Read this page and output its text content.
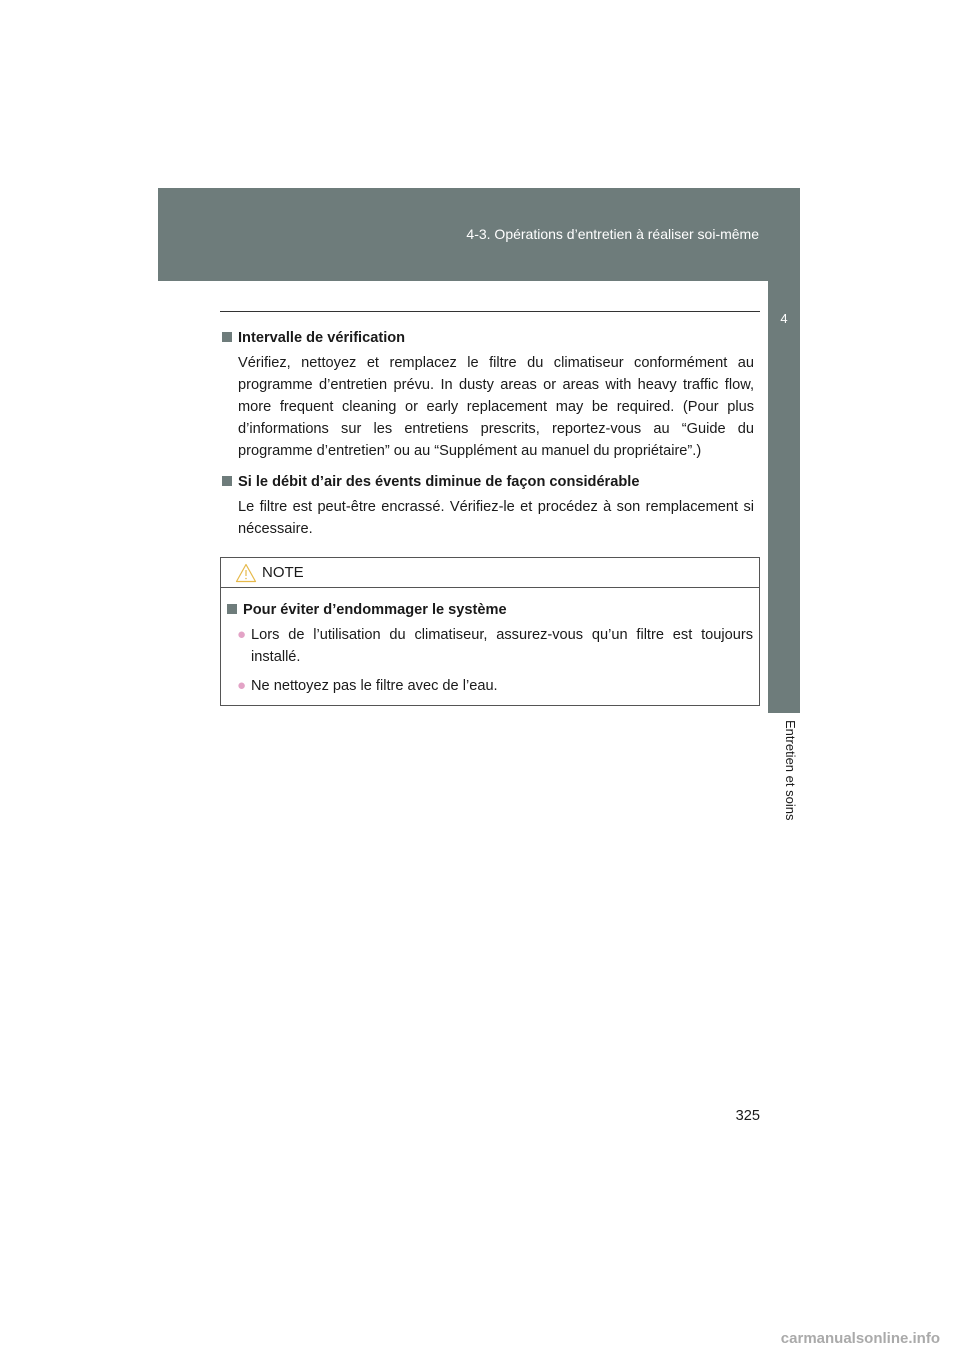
4-3. Opérations d’entretien à réaliser soi-même
4
Entretien et soins

Intervalle de vérification

Vérifiez, nettoyez et remplacez le filtre du climatiseur conformément au programme d’entretien prévu. In dusty areas or areas with heavy traffic flow, more frequent cleaning or early replacement may be required. (Pour plus d’informations sur les entretiens prescrits, reportez-vous au “Guide du programme d’entretien” ou au “Supplément au manuel du propriétaire”.)

Si le débit d’air des évents diminue de façon considérable

Le filtre est peut-être encrassé. Vérifiez-le et procédez à son remplacement si nécessaire.

NOTE

Pour éviter d’endommager le système

● Lors de l’utilisation du climatiseur, assurez-vous qu’un filtre est toujours installé.
● Ne nettoyez pas le filtre avec de l’eau.
325
carmanualsonline.info
